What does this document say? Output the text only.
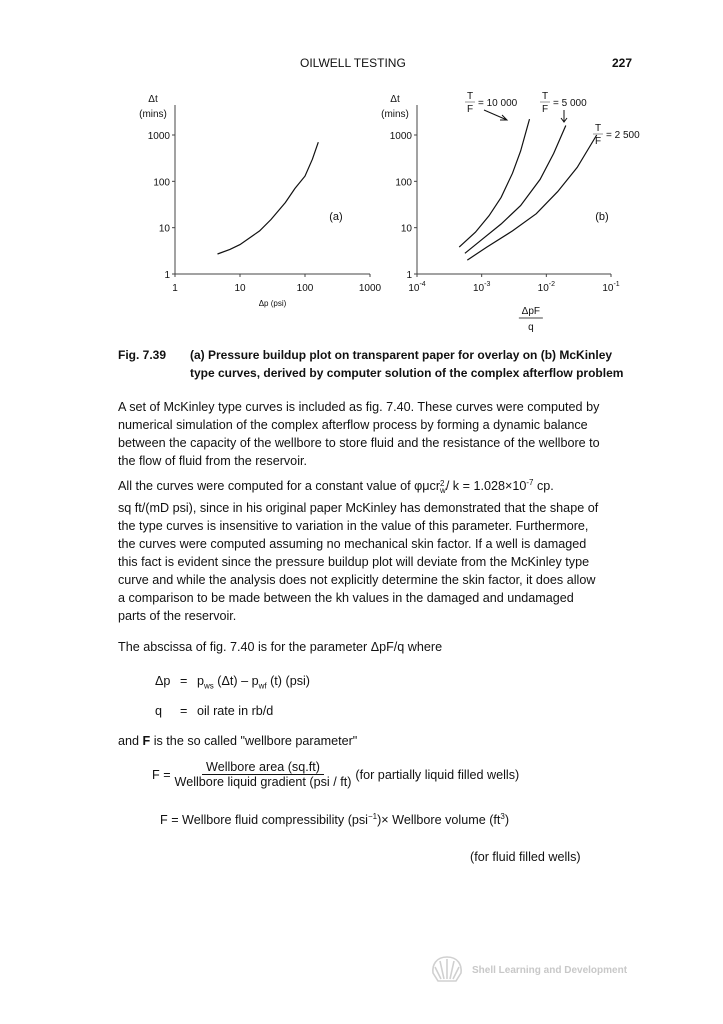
OILWELL TESTING	227
1
10
100
1000
1	10	100	1000
Δt
(mins)
Δp (psi)
(a)
1
10
100
1000
$10^{-4}$	$10^{-3}$	$10^{-2}$	$10^{-1}$
Δt
(mins)
ΔpF
q
(b)
T
F
= 10 000
T
F
= 5 000
T
F
= 2 500
Fig. 7.39 (a) Pressure buildup plot on transparent paper for overlay on (b) McKinley
type curves, derived by computer solution of the complex afterflow problem
A set of McKinley type curves is included as fig. 7.40. These curves were computed by
numerical simulation of the complex afterflow process by forming a dynamic balance
between the capacity of the wellbore to store fluid and the resistance of the wellbore to
the flow of fluid from the reservoir.
All the curves were computed for a constant value of φμcr 2
$w / k = 1.028\times 10^{-7}$ cp.
sq ft/(mD psi), since in his original paper McKinley has demonstrated that the shape of
the type curves is insensitive to variation in the value of this parameter. Furthermore,
the curves were computed assuming no mechanical skin factor. If a well is damaged
this fact is evident since the pressure buildup plot will deviate from the McKinley type
curve and while the analysis does not explicitly determine the skin factor, it does allow
a comparison to be made between the kh values in the damaged and undamaged
parts of the reservoir.
The abscissa of fig. 7.40 is for the parameter ΔpF/q where
$\Delta p = p_{ws}$ $(\Delta t) - p_{wf}$ (t) (psi)
q = oil rate in rb/d
and F is the so called "wellbore parameter"
$F = \frac{\text{Wellbore area (sq.ft)}}{\text{Wellbore liquid gradient (psi / ft)}} (for$ partially liquid filled wells)
F = Wellbore fluid compressibility (psi$^{-1}$)× Wellbore volume $(ft^3)$
(for fluid filled wells)
Shell Learning and Development
